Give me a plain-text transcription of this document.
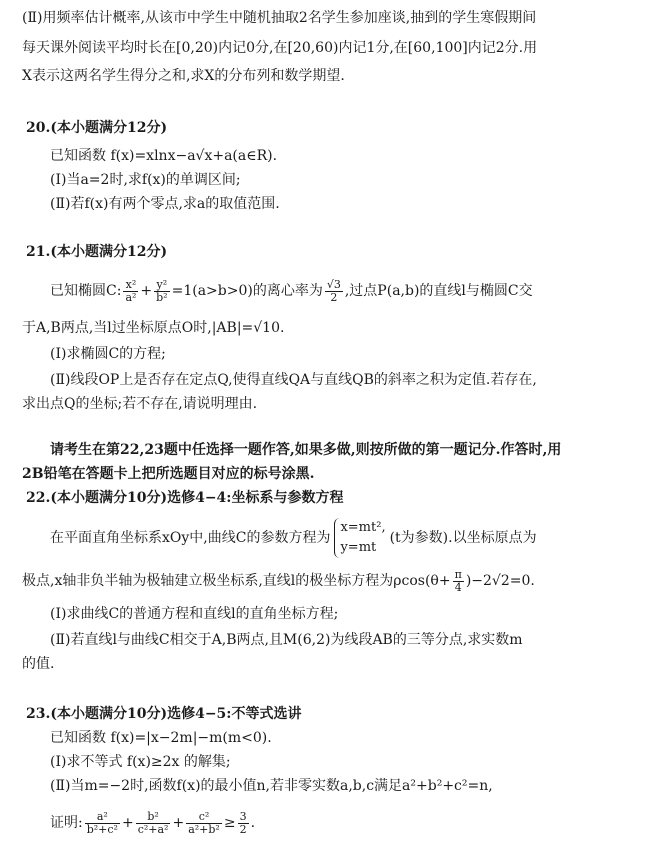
(Ⅱ)用频率估计概率,从该市中学生中随机抽取2名学生参加座谈,抽到的学生寒假期间
每天课外阅读平均时长在[0,20)内记0分,在[20,60)内记1分,在[60,100]内记2分.用
X表示这两名学生得分之和,求X的分布列和数学期望.
20.(本小题满分12分)
已知函数 f(x)=xlnx−a√x+a(a∈R).
(Ⅰ)当a=2时,求f(x)的单调区间;
(Ⅱ)若f(x)有两个零点,求a的取值范围.
21.(本小题满分12分)
已知椭圆C: $\frac{\text{x²}}{\text{a²}} + \frac{\text{y²}}{\text{b²}} =1(a>b>0)$的离心率为 $\frac{√3}{2}$ ,过点P(a,b)的直线l与椭圆C交
于A,B两点,当l过坐标原点O时,|AB|=√10.
(Ⅰ)求椭圆C的方程;
(Ⅱ)线段OP上是否存在定点Q,使得直线QA与直线QB的斜率之积为定值.若存在,
求出点Q的坐标;若不存在,请说明理由.
请考生在第22,23题中任选择一题作答,如果多做,则按所做的第一题记分.作答时,用
2B铅笔在答题卡上把所选题目对应的标号涂黑.
22.(本小题满分10分)选修4−4:坐标系与参数方程
在平面直角坐标系xOy中,曲线C的参数方程为
x=mt²,
y=mt
(t为参数).以坐标原点为
极点,x轴非负半轴为极轴建立极坐标系,直线l的极坐标方程为$\rho\cos(\theta+ \frac{\pi}{4} )-2√2=0$.
(Ⅰ)求曲线C的普通方程和直线l的直角坐标方程;
(Ⅱ)若直线l与曲线C相交于A,B两点,且M(6,2)为线段AB的三等分点,求实数m
的值.
23.(本小题满分10分)选修4−5:不等式选讲
已知函数 f(x)=|x−2m|−m(m<0).
(Ⅰ)求不等式 f(x)≥2x 的解集;
(Ⅱ)当m=−2时,函数f(x)的最小值n,若非零实数a,b,c满足a²+b²+c²=n,
证明: $\frac{\text{a²}}{\text{b²+c²}} + \frac{\text{b²}}{\text{c²+a²}} + \frac{\text{c²}}{\text{a²+b²}} \ge \frac{3}{2}$ .
